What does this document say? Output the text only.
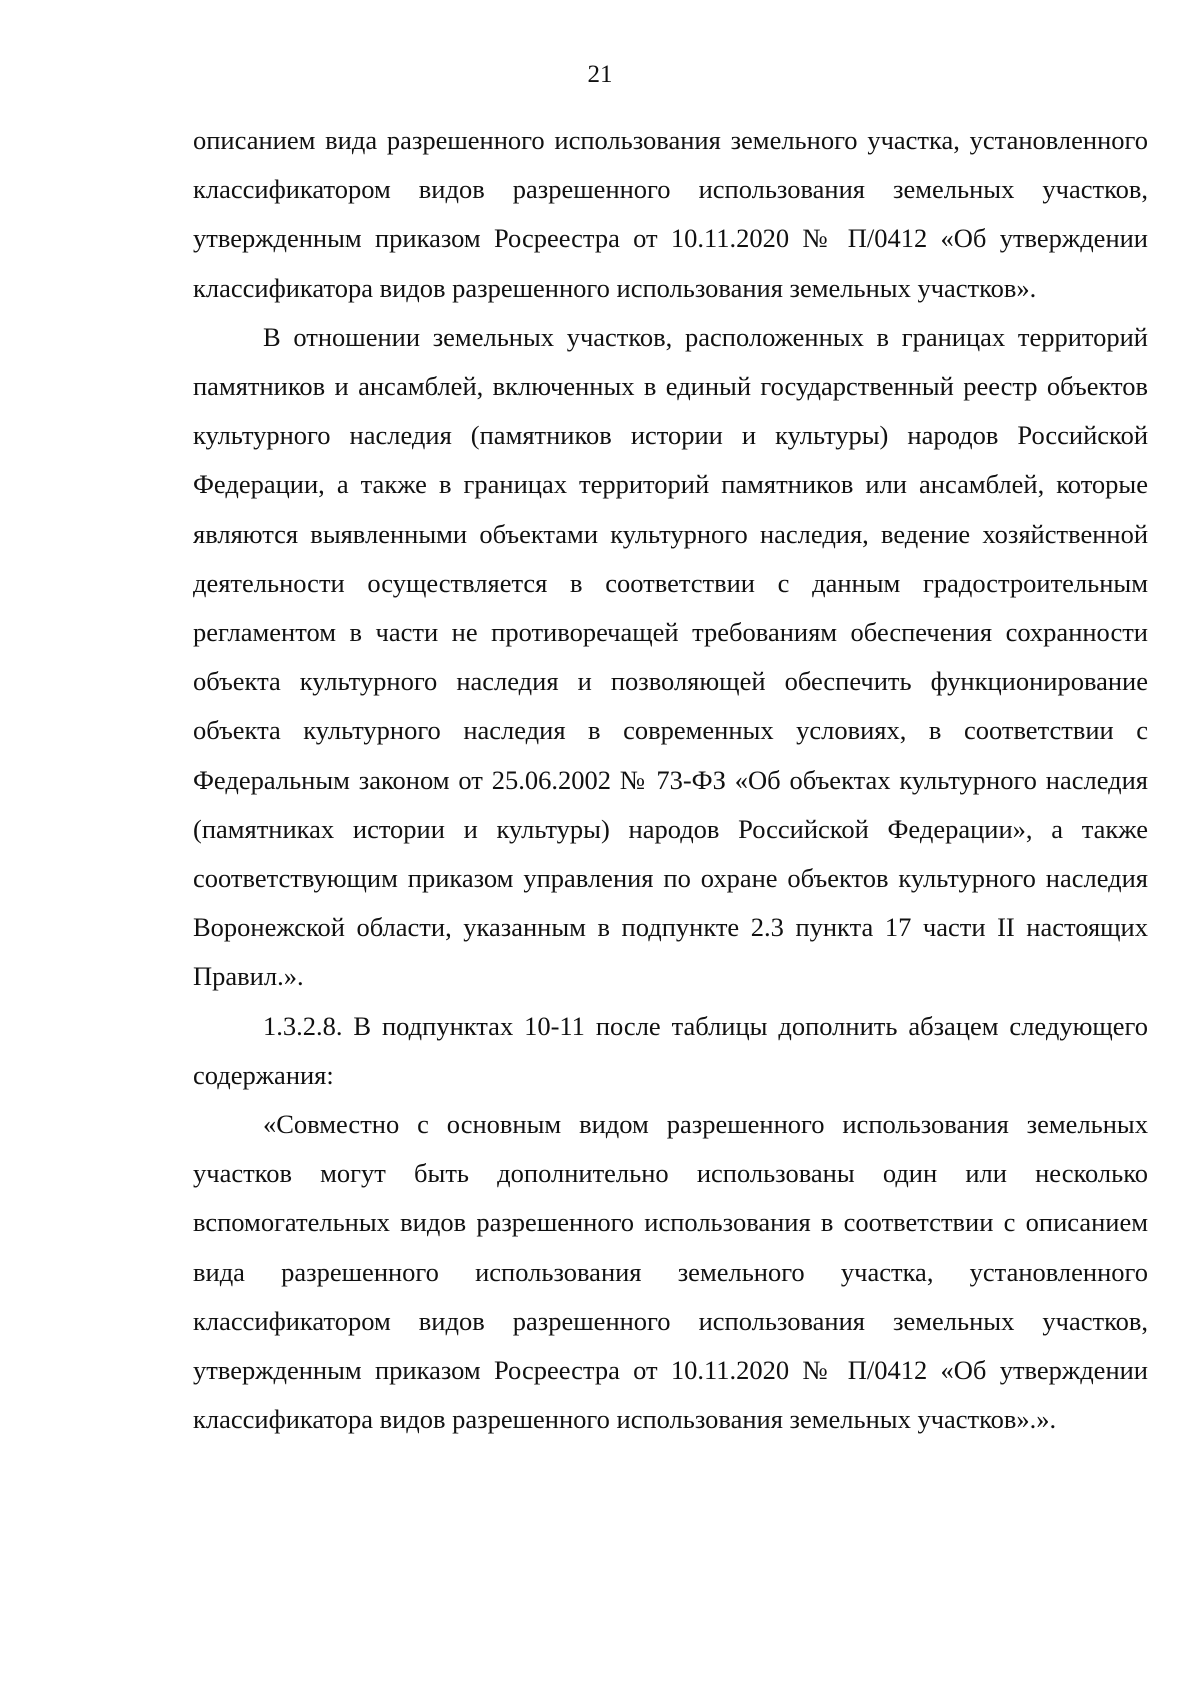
21

описанием вида разрешенного использования земельного участка, установленного классификатором видов разрешенного использования земельных участков, утвержденным приказом Росреестра от 10.11.2020 № П/0412 «Об утверждении классификатора видов разрешенного использования земельных участков».

В отношении земельных участков, расположенных в границах территорий памятников и ансамблей, включенных в единый государственный реестр объектов культурного наследия (памятников истории и культуры) народов Российской Федерации, а также в границах территорий памятников или ансамблей, которые являются выявленными объектами культурного наследия, ведение хозяйственной деятельности осуществляется в соответствии с данным градостроительным регламентом в части не противоречащей требованиям обеспечения сохранности объекта культурного наследия и позволяющей обеспечить функционирование объекта культурного наследия в современных условиях, в соответствии с Федеральным законом от 25.06.2002 № 73-ФЗ «Об объектах культурного наследия (памятниках истории и культуры) народов Российской Федерации», а также соответствующим приказом управления по охране объектов культурного наследия Воронежской области, указанным в подпункте 2.3 пункта 17 части II настоящих Правил.».

1.3.2.8. В подпунктах 10-11 после таблицы дополнить абзацем следующего содержания:

«Совместно с основным видом разрешенного использования земельных участков могут быть дополнительно использованы один или несколько вспомогательных видов разрешенного использования в соответствии с описанием вида разрешенного использования земельного участка, установленного классификатором видов разрешенного использования земельных участков, утвержденным приказом Росреестра от 10.11.2020 № П/0412 «Об утверждении классификатора видов разрешенного использования земельных участков».».
